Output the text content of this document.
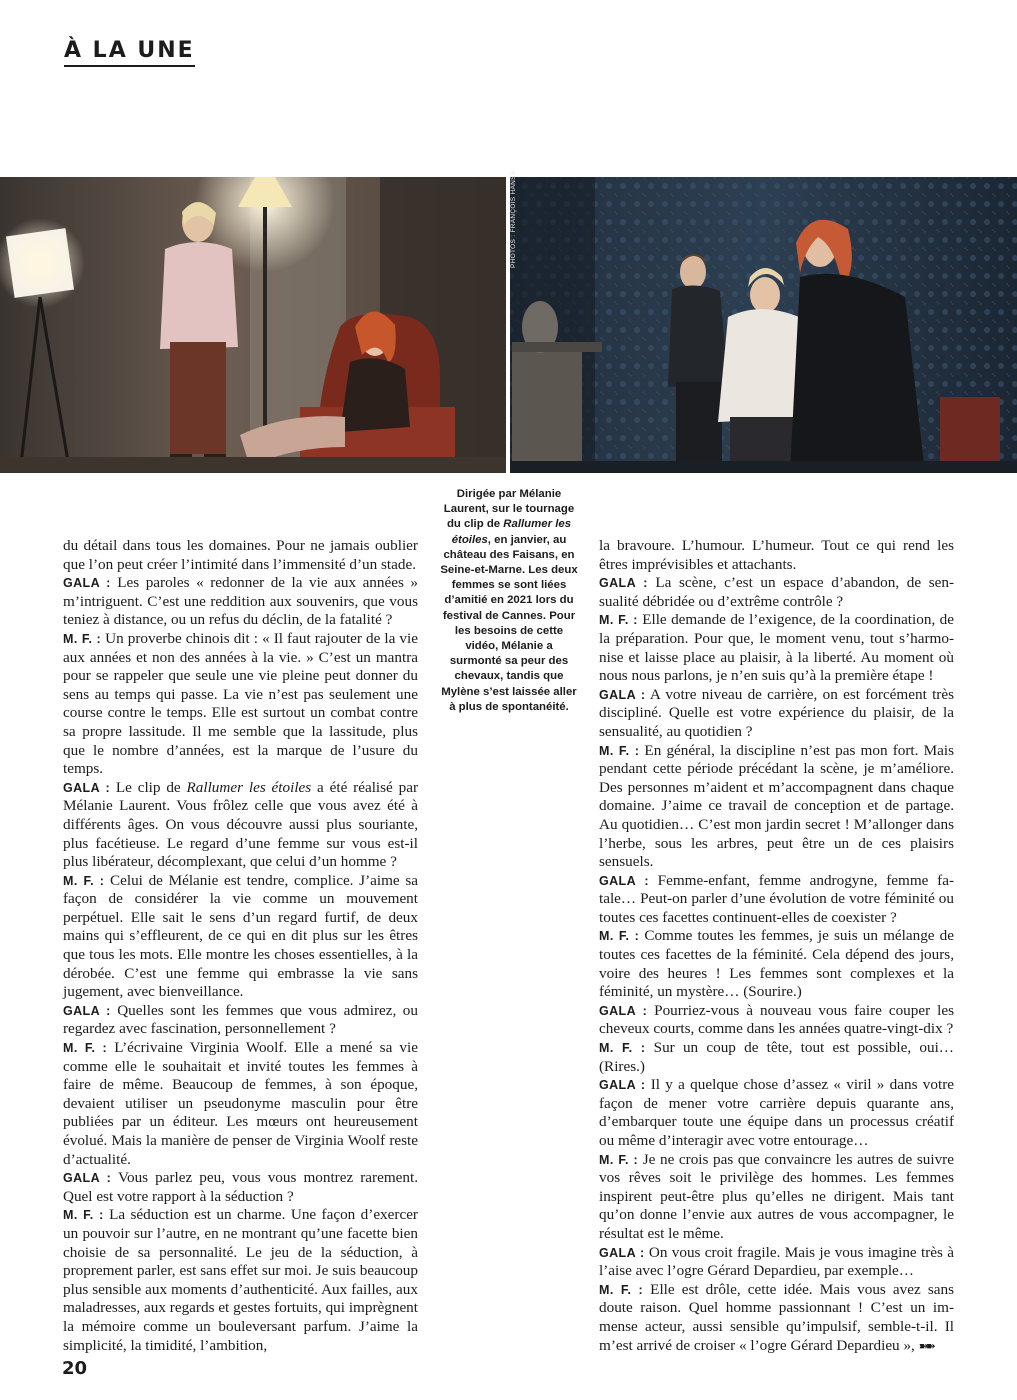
À LA UNE
PHOTOS : FRANÇOIS HANSS
Dirigée par Mélanie Laurent, sur le tournage du clip de Rallumer les étoiles, en janvier, au château des Faisans, en Seine-et-Marne. Les deux femmes se sont liées d’amitié en 2021 lors du festival de Cannes. Pour les besoins de cette vidéo, Mélanie a surmonté sa peur des chevaux, tandis que Mylène s’est laissée aller à plus de spontanéité.

du détail dans tous les domaines. Pour ne jamais oublier que l’on peut créer l’intimité dans l’immensité d’un stade.

GALA : Les paroles « redonner de la vie aux années » m’intriguent. C’est une reddition aux souvenirs, que vous teniez à distance, ou un refus du déclin, de la fatalité ?

M. F. : Un proverbe chinois dit : « Il faut rajouter de la vie aux années et non des années à la vie. » C’est un mantra pour se rappeler que seule une vie pleine peut donner du sens au temps qui passe. La vie n’est pas seulement une course contre le temps. Elle est surtout un combat contre sa propre lassitude. Il me semble que la lassitude, plus que le nombre d’années, est la marque de l’usure du temps.

GALA : Le clip de Rallumer les étoiles a été réalisé par Mélanie Laurent. Vous frôlez celle que vous avez été à différents âges. On vous découvre aussi plus souriante, plus facétieuse. Le regard d’une femme sur vous est-il plus libérateur, décomplexant, que celui d’un homme ?

M. F. : Celui de Mélanie est tendre, complice. J’aime sa façon de considérer la vie comme un mouvement perpétuel. Elle sait le sens d’un regard furtif, de deux mains qui s’effleurent, de ce qui en dit plus sur les êtres que tous les mots. Elle montre les choses essentielles, à la dérobée. C’est une femme qui embrasse la vie sans jugement, avec bienveillance.

GALA : Quelles sont les femmes que vous admirez, ou regardez avec fascination, personnellement ?

M. F. : L’écrivaine Virginia Woolf. Elle a mené sa vie comme elle le souhaitait et invité toutes les femmes à faire de même. Beaucoup de femmes, à son époque, devaient utiliser un pseudonyme masculin pour être publiées par un éditeur. Les mœurs ont heureusement évolué. Mais la manière de penser de Virginia Woolf reste d’actualité.

GALA : Vous parlez peu, vous vous montrez rarement. Quel est votre rapport à la séduction ?

M. F. : La séduction est un charme. Une façon d’exercer un pouvoir sur l’autre, en ne montrant qu’une facette bien choisie de sa personnalité. Le jeu de la séduction, à proprement parler, est sans effet sur moi. Je suis beaucoup plus sensible aux moments d’authenticité. Aux failles, aux maladresses, aux regards et gestes fortuits, qui imprègnent la mémoire comme un bouleversant parfum. J’aime la simplicité, la timidité, l’ambition,

la bravoure. L’humour. L’humeur. Tout ce qui rend les êtres imprévisibles et attachants.

GALA : La scène, c’est un espace d’abandon, de sensualité débridée ou d’extrême contrôle ?

M. F. : Elle demande de l’exigence, de la coordination, de la préparation. Pour que, le moment venu, tout s’harmonise et laisse place au plaisir, à la liberté. Au moment où nous nous parlons, je n’en suis qu’à la première étape !

GALA : A votre niveau de carrière, on est forcément très discipliné. Quelle est votre expérience du plaisir, de la sensualité, au quotidien ?

M. F. : En général, la discipline n’est pas mon fort. Mais pendant cette période précédant la scène, je m’améliore. Des personnes m’aident et m’accompagnent dans chaque domaine. J’aime ce travail de conception et de partage. Au quotidien… C’est mon jardin secret ! M’allonger dans l’herbe, sous les arbres, peut être un de ces plaisirs sensuels.

GALA : Femme-enfant, femme androgyne, femme fatale… Peut-on parler d’une évolution de votre féminité ou toutes ces facettes continuent-elles de coexister ?

M. F. : Comme toutes les femmes, je suis un mélange de toutes ces facettes de la féminité. Cela dépend des jours, voire des heures ! Les femmes sont complexes et la féminité, un mystère… (Sourire.)

GALA : Pourriez-vous à nouveau vous faire couper les cheveux courts, comme dans les années quatre-vingt-dix ?

M. F. : Sur un coup de tête, tout est possible, oui… (Rires.)

GALA : Il y a quelque chose d’assez « viril » dans votre façon de mener votre carrière depuis quarante ans, d’embarquer toute une équipe dans un processus créatif ou même d’interagir avec votre entourage…

M. F. : Je ne crois pas que convaincre les autres de suivre vos rêves soit le privilège des hommes. Les femmes inspirent peut-être plus qu’elles ne dirigent. Mais tant qu’on donne l’envie aux autres de vous accompagner, le résultat est le même.

GALA : On vous croit fragile. Mais je vous imagine très à l’aise avec l’ogre Gérard Depardieu, par exemple…

M. F. : Elle est drôle, cette idée. Mais vous avez sans doute raison. Quel homme passionnant ! C’est un immense acteur, aussi sensible qu’impulsif, semble-t-il. Il m’est arrivé de croiser « l’ogre Gérard Depardieu », ➽➽

20
